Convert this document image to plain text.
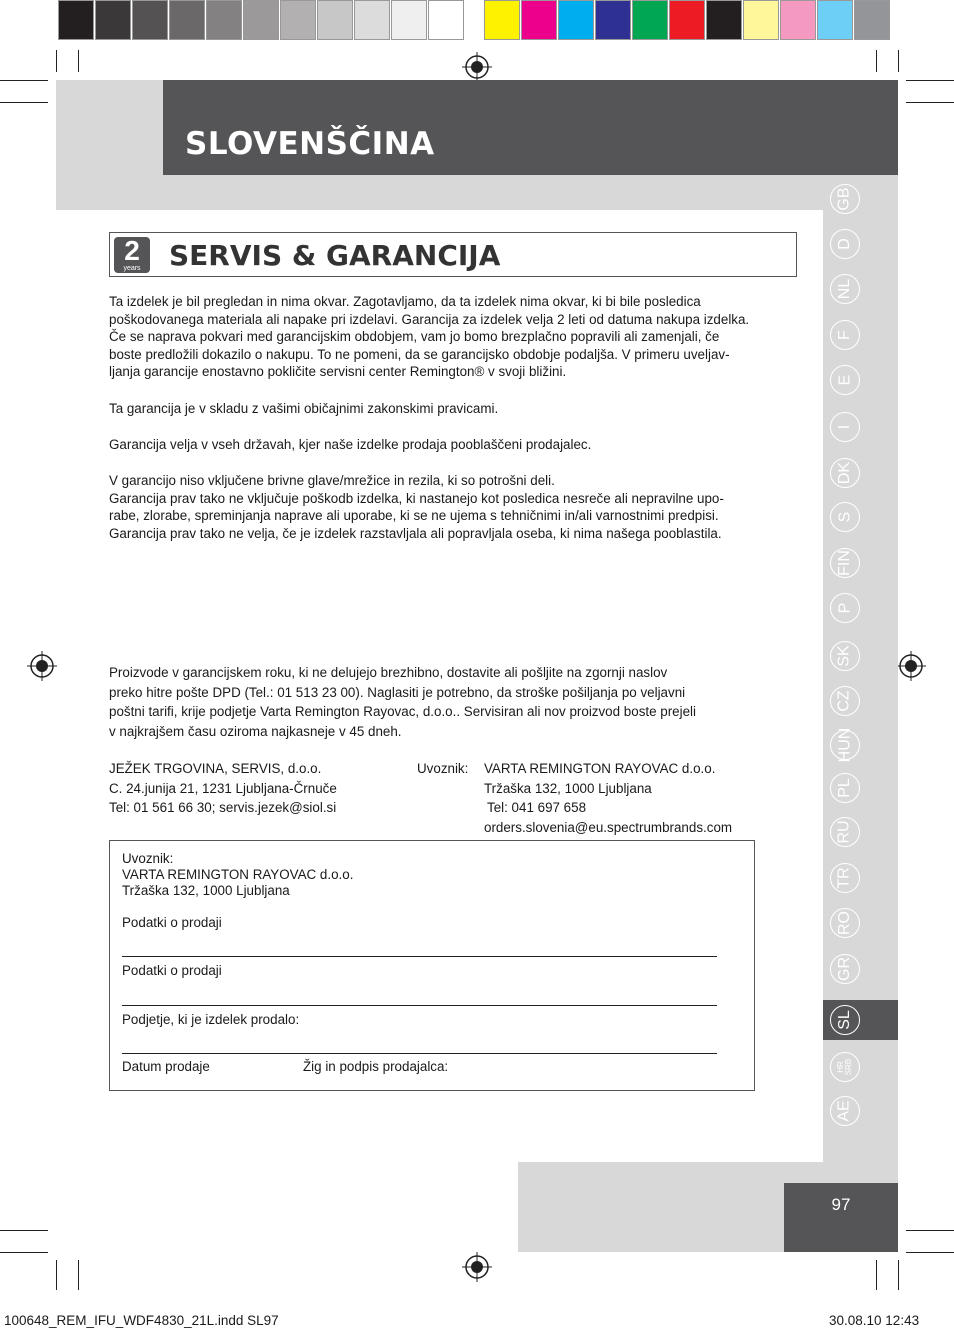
SLOVENŠČINA
GB
D
NL
F
E
I
DK
S
FIN
P
SK
CZ
HUN
PL
RU
TR
RO
GR
SL
HR
SRB
AE
97
2
years	SERVIS & GARANCIJA

Ta izdelek je bil pregledan in nima okvar. Zagotavljamo, da ta izdelek nima okvar, ki bi bile posledica

poškodovanega materiala ali napake pri izdelavi. Garancija za izdelek velja 2 leti od datuma nakupa izdelka.

Če se naprava pokvari med garancijskim obdobjem, vam jo bomo brezplačno popravili ali zamenjali, če

boste predložili dokazilo o nakupu. To ne pomeni, da se garancijsko obdobje podaljša. V primeru uveljav-

ljanja garancije enostavno pokličite servisni center Remington® v svoji bližini.

Ta garancija je v skladu z vašimi običajnimi zakonskimi pravicami.

Garancija velja v vseh državah, kjer naše izdelke prodaja pooblaščeni prodajalec.

V garancijo niso vključene brivne glave/mrežice in rezila, ki so potrošni deli.

Garancija prav tako ne vključuje poškodb izdelka, ki nastanejo kot posledica nesreče ali nepravilne upo-

rabe, zlorabe, spreminjanja naprave ali uporabe, ki se ne ujema s tehničnimi in/ali varnostnimi predpisi.

Garancija prav tako ne velja, če je izdelek razstavljala ali popravljala oseba, ki nima našega pooblastila.

Proizvode v garancijskem roku, ki ne delujejo brezhibno, dostavite ali pošljite na zgornji naslov

preko hitre pošte DPD (Tel.: 01 513 23 00). Naglasiti je potrebno, da stroške pošiljanja po veljavni

poštni tarifi, krije podjetje Varta Remington Rayovac, d.o.o.. Servisiran ali nov proizvod boste prejeli

v najkrajšem času oziroma najkasneje v 45 dneh.

JEŽEK TRGOVINA, SERVIS, d.o.o.
C. 24.junija 21, 1231 Ljubljana-Črnuče
Tel: 01 561 66 30; servis.jezek@siol.si
Uvoznik: VARTA REMINGTON RAYOVAC d.o.o.
Tržaška 132, 1000 Ljubljana
Tel: 041 697 658
orders.slovenia@eu.spectrumbrands.com
Uvoznik:
VARTA REMINGTON RAYOVAC d.o.o.
Tržaška 132, 1000 Ljubljana
Podatki o prodaji
Podatki o prodaji
Podjetje, ki je izdelek prodalo:
Datum prodaje	Žig in podpis prodajalca:
100648_REM_IFU_WDF4830_21L.indd SL97	30.08.10 12:43
